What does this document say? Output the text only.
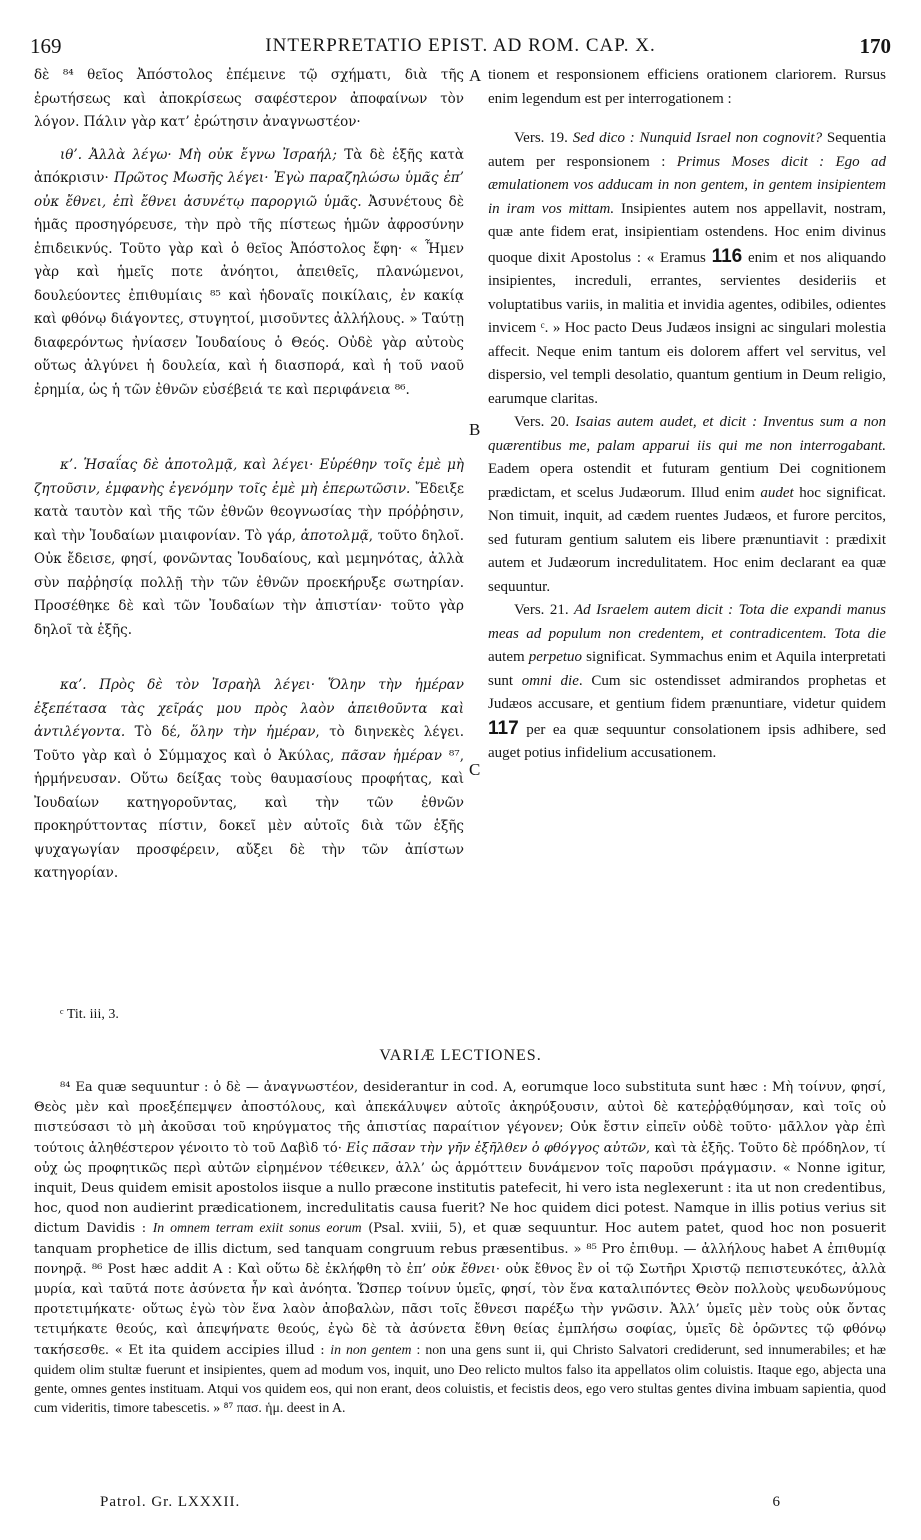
169	INTERPRETATIO EPIST. AD ROM. CAP. X.	170

δὲ ⁸⁴ θεῖος Ἀπόστολος ἐπέμεινε τῷ σχήματι, διὰ τῆς ἐρωτήσεως καὶ ἀποκρίσεως σαφέστερον ἀποφαίνων τὸν λόγον. Πάλιν γὰρ κατ’ ἐρώτησιν ἀναγνωστέον·

ιθ’. Ἀλλὰ λέγω· Μὴ οὐκ ἔγνω Ἰσραήλ; Τὰ δὲ ἑξῆς κατὰ ἀπόκρισιν· Πρῶτος Μωσῆς λέγει· Ἐγὼ παραζηλώσω ὑμᾶς ἐπ’ οὐκ ἔθνει, ἐπὶ ἔθνει ἀσυνέτῳ παροργιῶ ὑμᾶς. Ἀσυνέτους δὲ ἡμᾶς προσηγόρευσε, τὴν πρὸ τῆς πίστεως ἡμῶν ἀφροσύνην ἐπιδεικνύς. Τοῦτο γὰρ καὶ ὁ θεῖος Ἀπόστολος ἔφη· « Ἦμεν γὰρ καὶ ἡμεῖς ποτε ἀνόητοι, ἀπειθεῖς, πλανώμενοι, δουλεύοντες ἐπιθυμίαις ⁸⁵ καὶ ἡδοναῖς ποικίλαις, ἐν κακίᾳ καὶ φθόνῳ διάγοντες, στυγητοί, μισοῦντες ἀλλήλους. » Ταύτῃ διαφερόντως ἠνίασεν Ἰουδαίους ὁ Θεός. Οὐδὲ γὰρ αὐτοὺς οὕτως ἀλγύνει ἡ δουλεία, καὶ ἡ διασπορά, καὶ ἡ τοῦ ναοῦ ἐρημία, ὡς ἡ τῶν ἐθνῶν εὐσέβειά τε καὶ περιφάνεια ⁸⁶.

κ’. Ἡσαΐας δὲ ἀποτολμᾷ, καὶ λέγει· Εὑρέθην τοῖς ἐμὲ μὴ ζητοῦσιν, ἐμφανὴς ἐγενόμην τοῖς ἐμὲ μὴ ἐπερωτῶσιν. Ἔδειξε κατὰ ταυτὸν καὶ τῆς τῶν ἐθνῶν θεογνωσίας τὴν πρόῤῥησιν, καὶ τὴν Ἰουδαίων μιαιφονίαν. Τὸ γάρ, ἀποτολμᾷ, τοῦτο δηλοῖ. Οὐκ ἔδεισε, φησί, φονῶντας Ἰουδαίους, καὶ μεμηνότας, ἀλλὰ σὺν παῤῥησίᾳ πολλῇ τὴν τῶν ἐθνῶν προεκήρυξε σωτηρίαν. Προσέθηκε δὲ καὶ τῶν Ἰουδαίων τὴν ἀπιστίαν· τοῦτο γὰρ δηλοῖ τὰ ἑξῆς.

κα’. Πρὸς δὲ τὸν Ἰσραὴλ λέγει· Ὅλην τὴν ἡμέραν ἐξεπέτασα τὰς χεῖράς μου πρὸς λαὸν ἀπειθοῦντα καὶ ἀντιλέγοντα. Τὸ δέ, ὅλην τὴν ἡμέραν, τὸ διηνεκὲς λέγει. Τοῦτο γὰρ καὶ ὁ Σύμμαχος καὶ ὁ Ἀκύλας, πᾶσαν ἡμέραν ⁸⁷, ἡρμήνευσαν. Οὕτω δείξας τοὺς θαυμασίους προφήτας, καὶ Ἰουδαίων κατηγοροῦντας, καὶ τὴν τῶν ἐθνῶν προκηρύττοντας πίστιν, δοκεῖ μὲν αὐτοῖς διὰ τῶν ἑξῆς ψυχαγωγίαν προσφέρειν, αὔξει δὲ τὴν τῶν ἀπίστων κατηγορίαν.

tionem et responsionem efficiens orationem clariorem. Rursus enim legendum est per interrogationem :

Vers. 19. Sed dico : Nunquid Israel non cognovit? Sequentia autem per responsionem : Primus Moses dicit : Ego ad æmulationem vos adducam in non gentem, in gentem insipientem in iram vos mittam. Insipientes autem nos appellavit, nostram, quæ ante fidem erat, insipientiam ostendens. Hoc enim divinus quoque dixit Apostolus : « Eramus 116 enim et nos aliquando insipientes, increduli, errantes, servientes desideriis et voluptatibus variis, in malitia et invidia agentes, odibiles, odientes invicem ᶜ. » Hoc pacto Deus Judæos insigni ac singulari molestia affecit. Neque enim tantum eis dolorem affert vel servitus, vel dispersio, vel templi desolatio, quantum gentium in Deum religio, earumque claritas.

Vers. 20. Isaias autem audet, et dicit : Inventus sum a non quærentibus me, palam apparui iis qui me non interrogabant. Eadem opera ostendit et futuram gentium Dei cognitionem prædictam, et scelus Judæorum. Illud enim audet hoc significat. Non timuit, inquit, ad cædem ruentes Judæos, et furore percitos, sed futuram gentium salutem eis libere prænuntiavit : prædixit autem et Judæorum incredulitatem. Hoc enim declarant ea quæ sequuntur.

Vers. 21. Ad Israelem autem dicit : Tota die expandi manus meas ad populum non credentem, et contradicentem. Tota die autem perpetuo significat. Symmachus enim et Aquila interpretati sunt omni die. Cum sic ostendisset admirandos prophetas et Judæos accusare, et gentium fidem prænuntiare, videtur quidem 117 per ea quæ sequuntur consolationem ipsis adhibere, sed auget potius infidelium accusationem.

A
B
C
ᶜ Tit. iii, 3.
VARIÆ LECTIONES.
⁸⁴ Ea quæ sequuntur : ὁ δὲ — ἀναγνωστέον, desiderantur in cod. A, eorumque loco substituta sunt hæc : Μὴ τοίνυν, φησί, Θεὸς μὲν καὶ προεξέπεμψεν ἀποστόλους, καὶ ἀπεκάλυψεν αὐτοῖς ἀκηρύξουσιν, αὐτοὶ δὲ κατεῤῥᾳθύμησαν, καὶ τοῖς οὐ πιστεύσασι τὸ μὴ ἀκοῦσαι τοῦ κηρύγματος τῆς ἀπιστίας παραίτιον γέγονεν; Οὐκ ἔστιν εἰπεῖν οὐδὲ τοῦτο· μᾶλλον γὰρ ἐπὶ τούτοις ἀληθέστερον γένοιτο τὸ τοῦ Δαβὶδ τό· Εἰς πᾶσαν τὴν γῆν ἐξῆλθεν ὁ φθόγγος αὐτῶν, καὶ τὰ ἑξῆς. Τοῦτο δὲ πρόδηλον, τί οὐχ ὡς προφητικῶς περὶ αὐτῶν εἰρημένον τέθεικεν, ἀλλ’ ὡς ἁρμόττειν δυνάμενον τοῖς παροῦσι πράγμασιν. « Nonne igitur, inquit, Deus quidem emisit apostolos iisque a nullo præcone institutis patefecit, hi vero ista neglexerunt : ita ut non credentibus, hoc, quod non audierint prædicationem, incredulitatis causa fuerit? Ne hoc quidem dici potest. Namque in illis potius verius sit dictum Davidis : In omnem terram exiit sonus eorum (Psal. xviii, 5), et quæ sequuntur. Hoc autem patet, quod hoc non posuerit tanquam prophetice de illis dictum, sed tanquam congruum rebus præsentibus. » ⁸⁵ Pro ἐπιθυμ. — ἀλλήλους habet A ἐπιθυμίᾳ πονηρᾷ. ⁸⁶ Post hæc addit A : Καὶ οὕτω δὲ ἐκλήφθη τὸ ἐπ’ οὐκ ἔθνει· οὐκ ἔθνος ἓν οἱ τῷ Σωτῆρι Χριστῷ πεπιστευκότες, ἀλλὰ μυρία, καὶ ταῦτά ποτε ἀσύνετα ἦν καὶ ἀνόητα. Ὥσπερ τοίνυν ὑμεῖς, φησί, τὸν ἕνα καταλιπόντες Θεὸν πολλοὺς ψευδωνύμους προτετιμήκατε· οὕτως ἐγὼ τὸν ἕνα λαὸν ἀποβαλὼν, πᾶσι τοῖς ἔθνεσι παρέξω τὴν γνῶσιν. Ἀλλ’ ὑμεῖς μὲν τοὺς οὐκ ὄντας τετιμήκατε θεούς, καὶ ἀπεψήνατε θεούς, ἐγὼ δὲ τὰ ἀσύνετα ἔθνη θείας ἐμπλήσω σοφίας, ὑμεῖς δὲ ὁρῶντες τῷ φθόνῳ τακήσεσθε. « Et ita quidem accipies illud : in non gentem : non una gens sunt ii, qui Christo Salvatori crediderunt, sed innumerabiles; et hæ quidem olim stultæ fuerunt et insipientes, quem ad modum vos, inquit, uno Deo relicto multos falso ita appellatos olim coluistis. Itaque ego, abjecta una gente, omnes gentes instituam. Atqui vos quidem eos, qui non erant, deos coluistis, et fecistis deos, ego vero stultas gentes divina imbuam sapientia, quod cum videritis, timore tabescetis. » ⁸⁷ πασ. ἡμ. deest in A.
Patrol. Gr. LXXXII.	6
